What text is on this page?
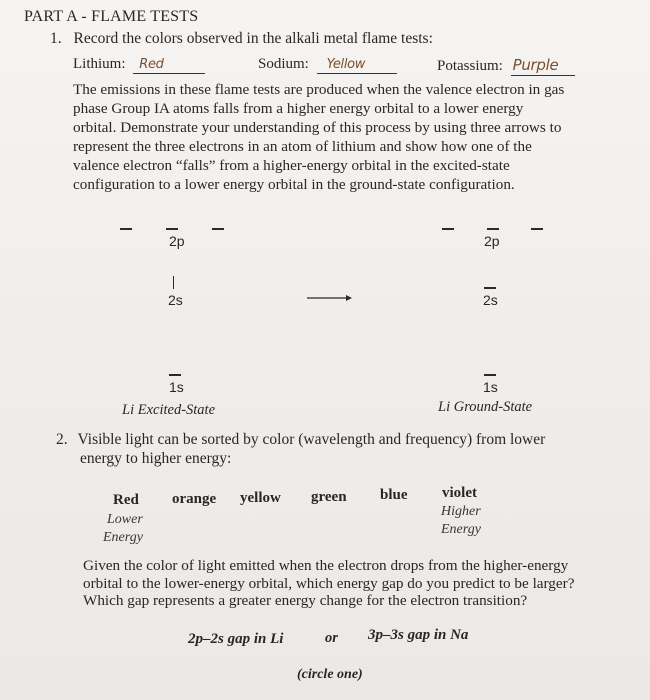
PART A - FLAME TESTS
1. Record the colors observed in the alkali metal flame tests:
Lithium: Red	Sodium: Yellow	Potassium: Purple

The emissions in these flame tests are produced when the valence electron in gas

phase Group IA atoms falls from a higher energy orbital to a lower energy

orbital. Demonstrate your understanding of this process by using three arrows to

represent the three electrons in an atom of lithium and show how one of the

valence electron “falls” from a higher-energy orbital in the excited-state

configuration to a lower energy orbital in the ground-state configuration.

2p
2s
1s
Li Excited-State
2p
2s
1s
Li Ground-State
2. Visible light can be sorted by color (wavelength and frequency) from lower
energy to higher energy:
Red orange yellow green blue violet
Lower
Energy
Higher
Energy

Given the color of light emitted when the electron drops from the higher-energy

orbital to the lower-energy orbital, which energy gap do you predict to be larger?

Which gap represents a greater energy change for the electron transition?

2p–2s gap in Li	or 3p–3s gap in Na
(circle one)
